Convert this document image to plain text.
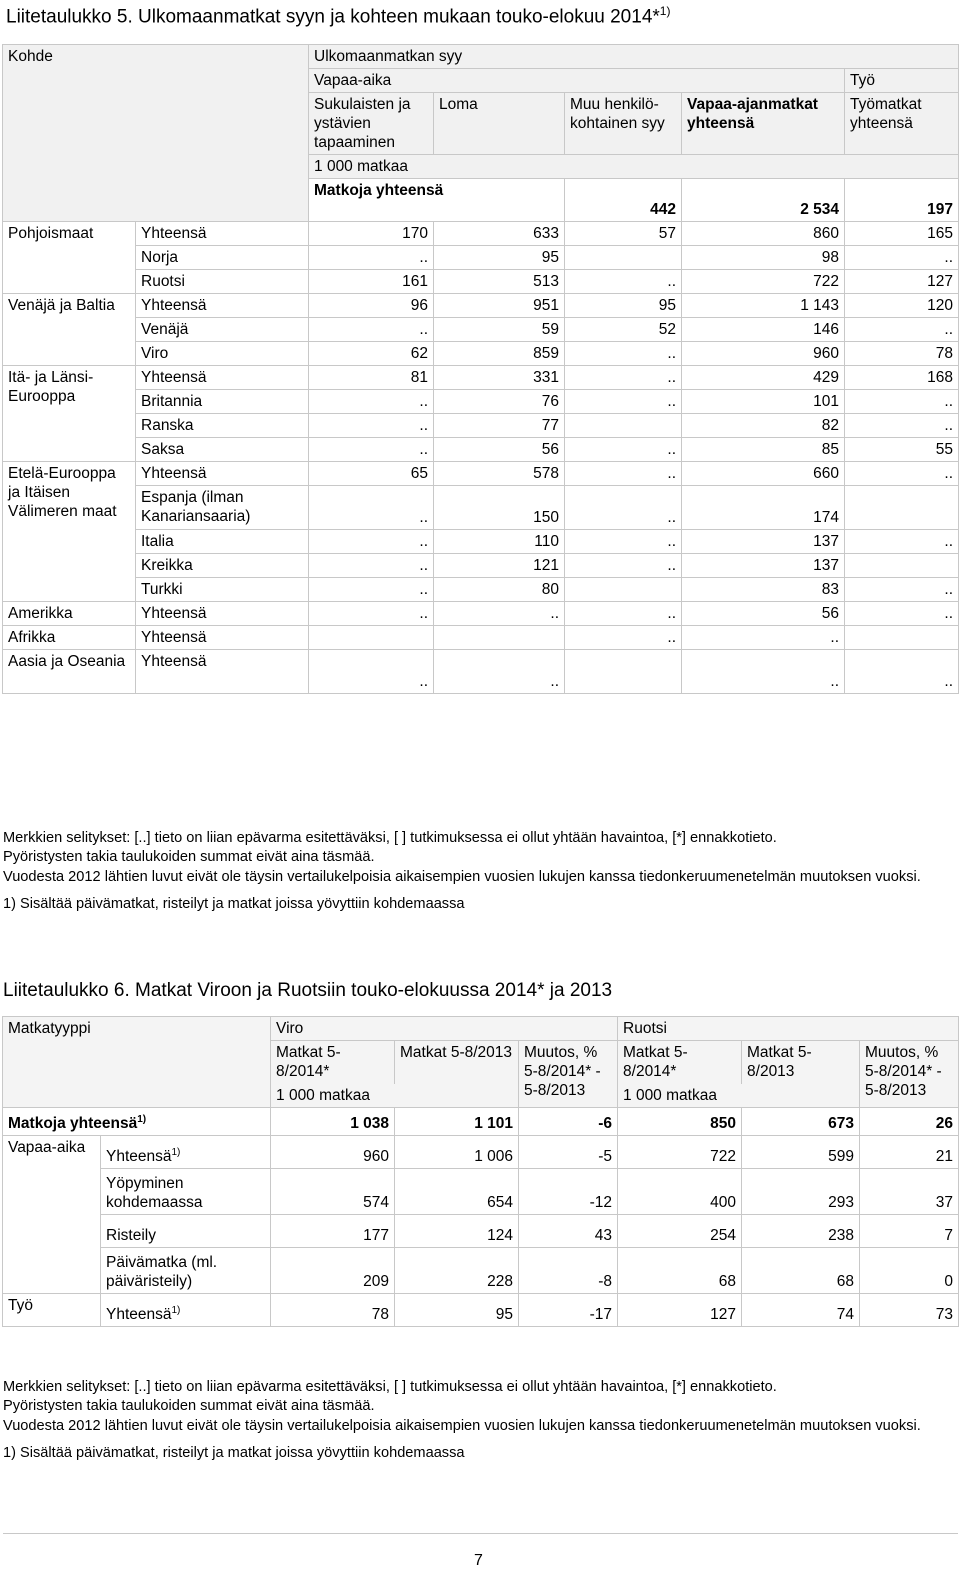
Liitetaulukko 5. Ulkomaanmatkat syyn ja kohteen mukaan touko-elokuu 2014*$^{1)}$
Kohde		Ulkomaanmatkan syy					
		Vapaa-aika				Työ	
		Sukulaisten ja ystävien tapaaminen	Loma	Muu henkilö-kohtainen syy	Vapaa-ajanmatkat yhteensä	Työmatkat yhteensä	
		1 000 matkaa					
		Matkoja yhteensä		442	2 534	197		
Pohjoismaat	Yhteensä	170	633	57	860	165	
	Norja	..	95		98	..	
	Ruotsi	161	513	..	722	127	
Venäjä ja Baltia	Yhteensä	96	951	95	1 143	120	
	Venäjä	..	59	52	146	..	
	Viro	62	859	..	960	78	
Itä- ja Länsi-Eurooppa	Yhteensä	81	331	..	429	168	
	Britannia	..	76	..	101	..	
	Ranska	..	77		82	..	
	Saksa	..	56	..	85	55	
Etelä-Eurooppa ja Itäisen Välimeren maat	Yhteensä	65	578	..	660	..	
	Espanja (ilman Kanariansaaria)	..	150	..	174		
	Italia	..	110	..	137	..	
	Kreikka	..	121	..	137		
	Turkki	..	80		83	..	
Amerikka	Yhteensä	..	..	..	56	..	
Afrikka	Yhteensä			..	..		
Aasia ja Oseania	Yhteensä	..	..		..	..	

Merkkien selitykset: [..] tieto on liian epävarma esitettäväksi, [ ] tutkimuksessa ei ollut yhtään havaintoa, [*] ennakkotieto.

Pyöristysten takia taulukoiden summat eivät aina täsmää.

Vuodesta 2012 lähtien luvut eivät ole täysin vertailukelpoisia aikaisempien vuosien lukujen kanssa tiedonkeruumenetelmän muutoksen vuoksi.

1) Sisältää päivämatkat, risteilyt ja matkat joissa yövyttiin kohdemaassa

Liitetaulukko 6. Matkat Viroon ja Ruotsiin touko-elokuussa 2014* ja 2013
Matkatyyppi		Viro			Ruotsi		
		Matkat 5-8/2014*	Matkat 5-8/2013	Muutos, % 5-8/2014* - 5-8/2013	Matkat 5-8/2014*	Matkat 5-8/2013	Muutos, % 5-8/2014* - 5-8/2013
		1 000 matkaa			1 000 matkaa		
Matkoja yhteensä$^{1)}$		1 038	1 101	-6	850	673	26
Vapaa-aika	Yhteensä$^{1)}$	960	1 006	-5	722	599	21
	Yöpyminen kohdemaassa	574	654	-12	400	293	37
	Risteily	177	124	43	254	238	7
	Päivämatka (ml. päiväristeily)	209	228	-8	68	68	0
Työ	Yhteensä$^{1)}$	78	95	-17	127	74	73

Merkkien selitykset: [..] tieto on liian epävarma esitettäväksi, [ ] tutkimuksessa ei ollut yhtään havaintoa, [*] ennakkotieto.

Pyöristysten takia taulukoiden summat eivät aina täsmää.

Vuodesta 2012 lähtien luvut eivät ole täysin vertailukelpoisia aikaisempien vuosien lukujen kanssa tiedonkeruumenetelmän muutoksen vuoksi.

1) Sisältää päivämatkat, risteilyt ja matkat joissa yövyttiin kohdemaassa

7
